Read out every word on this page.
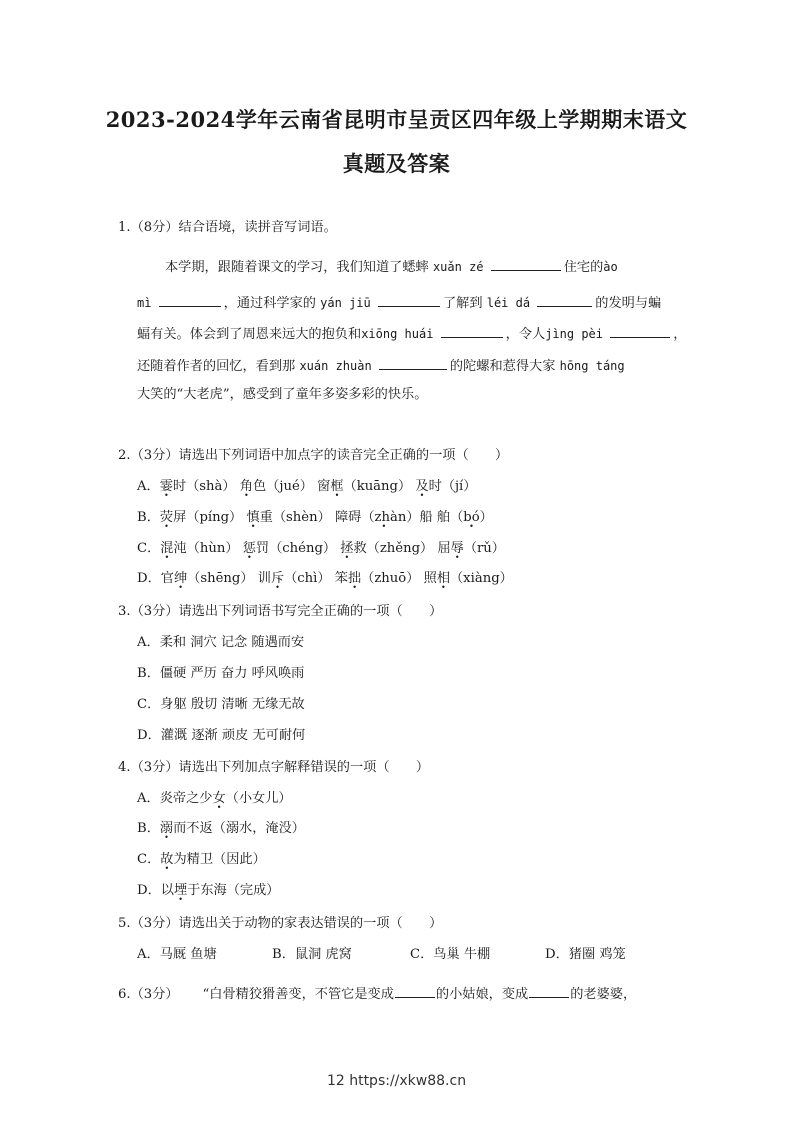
2023-2024学年云南省昆明市呈贡区四年级上学期期末语文
真题及答案
1.（8分）结合语境，读拼音写词语。
本学期，跟随着课文的学习，我们知道了蟋蟀 xuǎn zé	住宅的ào
mì	，通过科学家的 yán jiū	了解到 léi dá	的发明与蝙
蝠有关。体会到了周恩来远大的抱负和xiōng huái	，令人jìng pèi	，
还随着作者的回忆，看到那 xuán zhuàn	的陀螺和惹得大家 hōng táng
大笑的“大老虎”，感受到了童年多姿多彩的快乐。
2.（3分）请选出下列词语中加点字的读音完全正确的一项（　　）
A．霎时（shà） 角色（jué） 窗框（kuāng） 及时（jí）
B．荧屏（píng） 慎重（shèn） 障碍（zhàn） •船 舶（bó） •
C．混沌（hùn） 惩罚（chéng） 拯救（zhěng） 屈辱（rǔ）
D．官绅（shēng） 训斥（chì） 笨拙（zhuō） 照相（xiàng）
3.（3分）请选出下列词语书写完全正确的一项（　　）
A．柔和 洞穴 记念 随遇而安
B．僵硬 严历 奋力 呼风唤雨
C．身躯 殷切 清晰 无缘无故
D．灌溉 逐渐 顽皮 无可耐何
4.（3分）请选出下列加点字解释错误的一项（　　）
A．炎帝之少女（小女儿）
B．溺而不返（溺水，淹没）
C．故为精卫（因此）
D．以堙于东海（完成）
5.（3分）请选出关于动物的家表达错误的一项（　　）
A．马厩 鱼塘	B．鼠洞 虎窝	C．鸟巢 牛棚	D．猪圈 鸡笼
6.（3分） “白骨精狡猾善变，不管它是变成	的小姑娘，变成	的老婆婆，
12 https://xkw88.cn
